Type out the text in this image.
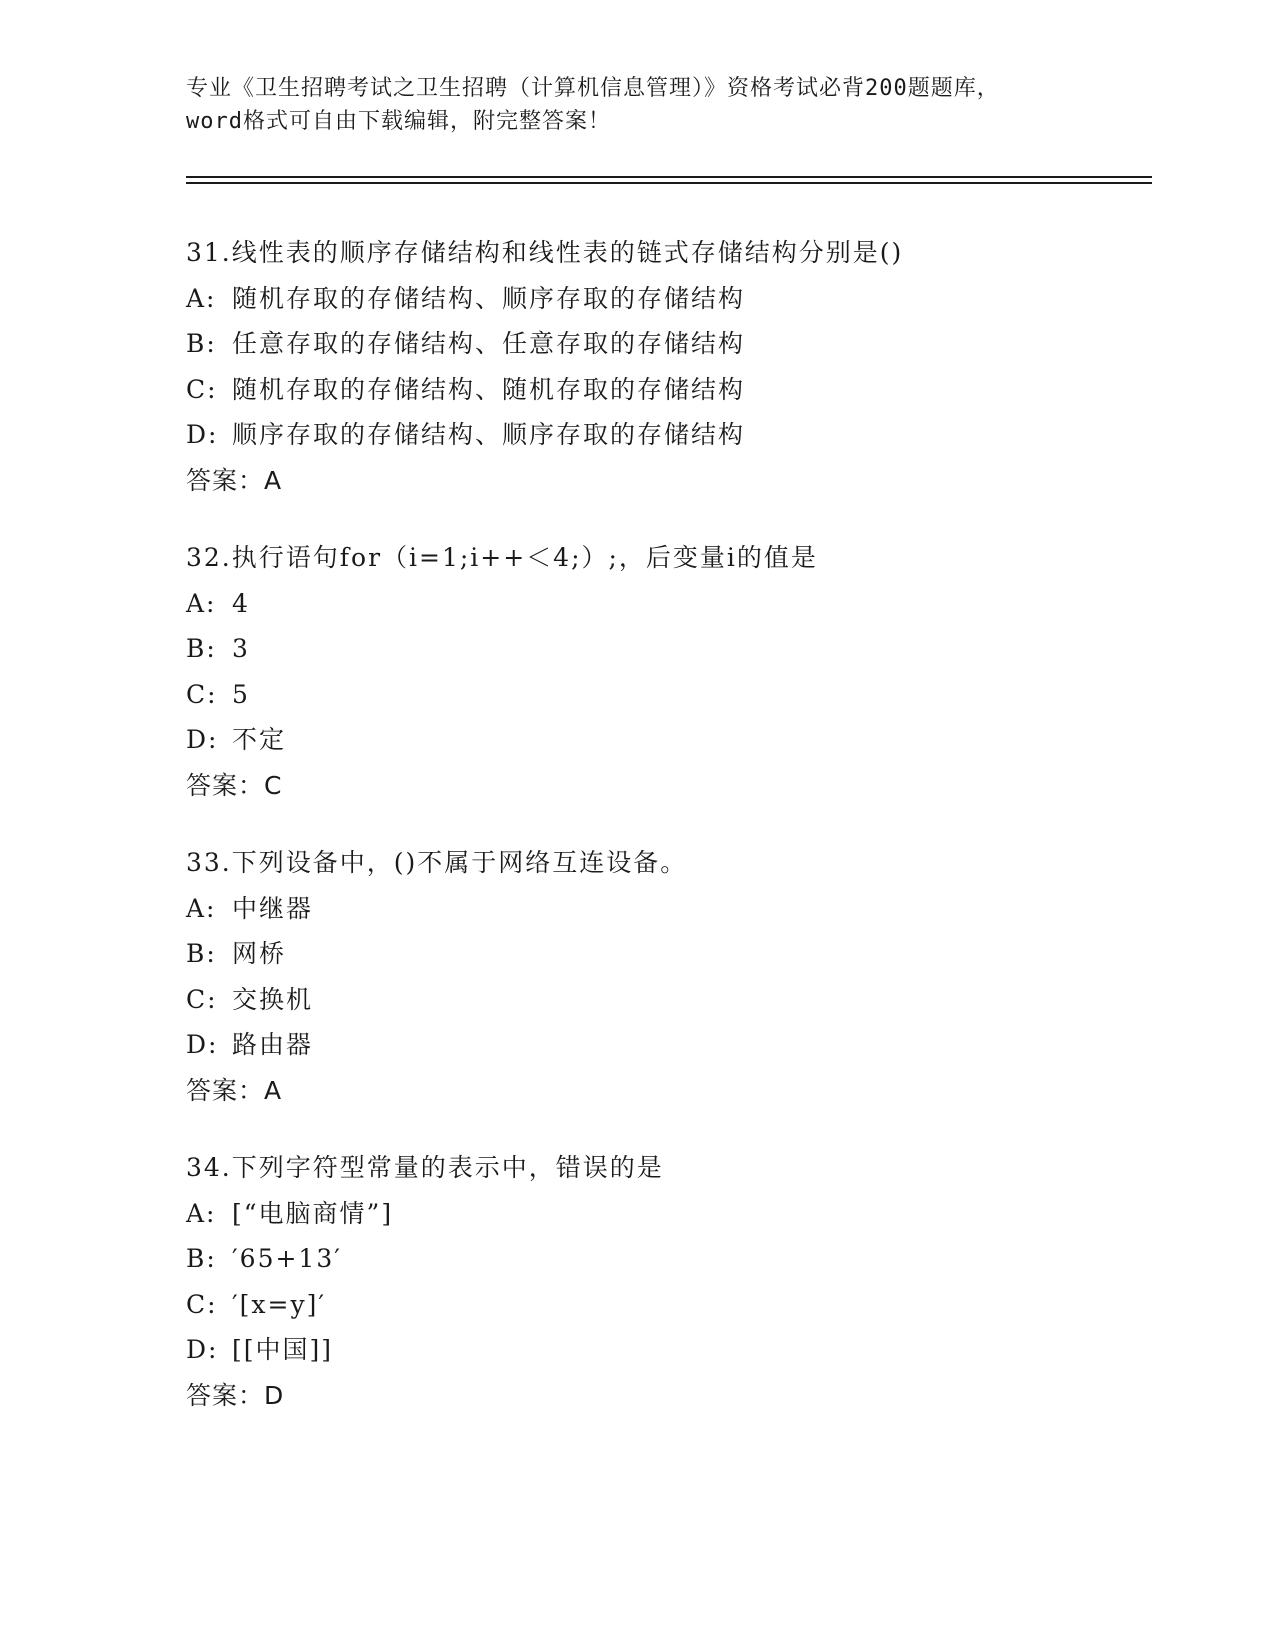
专业《卫生招聘考试之卫生招聘（计算机信息管理）》资格考试必背200题题库，
word格式可自由下载编辑，附完整答案！
31.线性表的顺序存储结构和线性表的链式存储结构分别是()
A: 随机存取的存储结构、顺序存取的存储结构
B: 任意存取的存储结构、任意存取的存储结构
C: 随机存取的存储结构、随机存取的存储结构
D: 顺序存取的存储结构、顺序存取的存储结构
答案：A
32.执行语句for（i=1;i++＜4;）;，后变量i的值是
A: 4
B: 3
C: 5
D: 不定
答案：C
33.下列设备中，()不属于网络互连设备。
A: 中继器
B: 网桥
C: 交换机
D: 路由器
答案：A
34.下列字符型常量的表示中，错误的是
A: [“电脑商情”]
B: ′65+13′
C: ′[x=y]′
D: [[中国]]
答案：D
